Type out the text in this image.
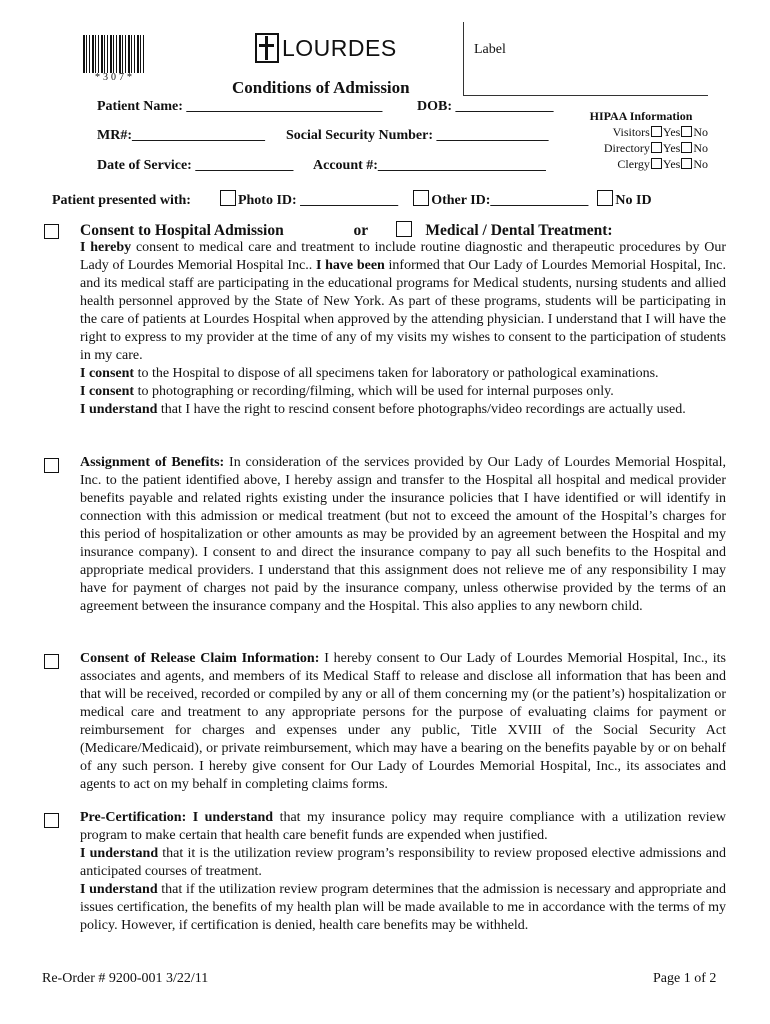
*307*
LOURDES	Label
Conditions of Admission
Patient Name: ____________________________ DOB: ______________
MR#:___________________ Social Security Number: ________________
Date of Service: ______________ Account #:________________________
HIPAA Information
Visitors Yes No
Directory Yes No
Clergy Yes No
Patient presented with:	Photo ID: ______________ Other ID:______________ No ID
Consent to Hospital Admission	or	Medical / Dental Treatment:

I hereby consent to medical care and treatment to include routine diagnostic and therapeutic procedures by Our Lady of Lourdes Memorial Hospital Inc.. I have been informed that Our Lady of Lourdes Memorial Hospital, Inc. and its medical staff are participating in the educational programs for Medical students, nursing students and allied health personnel approved by the State of New York. As part of these programs, students will be participating in the care of patients at Lourdes Hospital when approved by the attending physician. I understand that I will have the right to express to my provider at the time of any of my visits my wishes to consent to the participation of students in my care.

I consent to the Hospital to dispose of all specimens taken for laboratory or pathological examinations.

I consent to photographing or recording/filming, which will be used for internal purposes only.

I understand that I have the right to rescind consent before photographs/video recordings are actually used.

Assignment of Benefits: In consideration of the services provided by Our Lady of Lourdes Memorial Hospital, Inc. to the patient identified above, I hereby assign and transfer to the Hospital all hospital and medical provider benefits payable and related rights existing under the insurance policies that I have identified or will identify in connection with this admission or medical treatment (but not to exceed the amount of the Hospital’s charges for this period of hospitalization or other amounts as may be provided by an agreement between the Hospital and my insurance company). I consent to and direct the insurance company to pay all such benefits to the Hospital and appropriate medical providers. I understand that this assignment does not relieve me of any responsibility I may have for payment of charges not paid by the insurance company, unless otherwise provided by the terms of an agreement between the insurance company and the Hospital. This also applies to any newborn child.

Consent of Release Claim Information: I hereby consent to Our Lady of Lourdes Memorial Hospital, Inc., its associates and agents, and members of its Medical Staff to release and disclose all information that has been and that will be received, recorded or compiled by any or all of them concerning my (or the patient’s) hospitalization or medical care and treatment to any appropriate persons for the purpose of evaluating claims for payment or reimbursement for charges and expenses under any public, Title XVIII of the Social Security Act (Medicare/Medicaid), or private reimbursement, which may have a bearing on the benefits payable by or on behalf of any such person. I hereby give consent for Our Lady of Lourdes Memorial Hospital, Inc., its associates and agents to act on my behalf in completing claims forms.

Pre-Certification: I understand that my insurance policy may require compliance with a utilization review program to make certain that health care benefit funds are expended when justified.

I understand that it is the utilization review program’s responsibility to review proposed elective admissions and anticipated courses of treatment.

I understand that if the utilization review program determines that the admission is necessary and appropriate and issues certification, the benefits of my health plan will be made available to me in accordance with the terms of my policy. However, if certification is denied, health care benefits may be withheld.

Re-Order # 9200-001 3/22/11	Page 1 of 2
